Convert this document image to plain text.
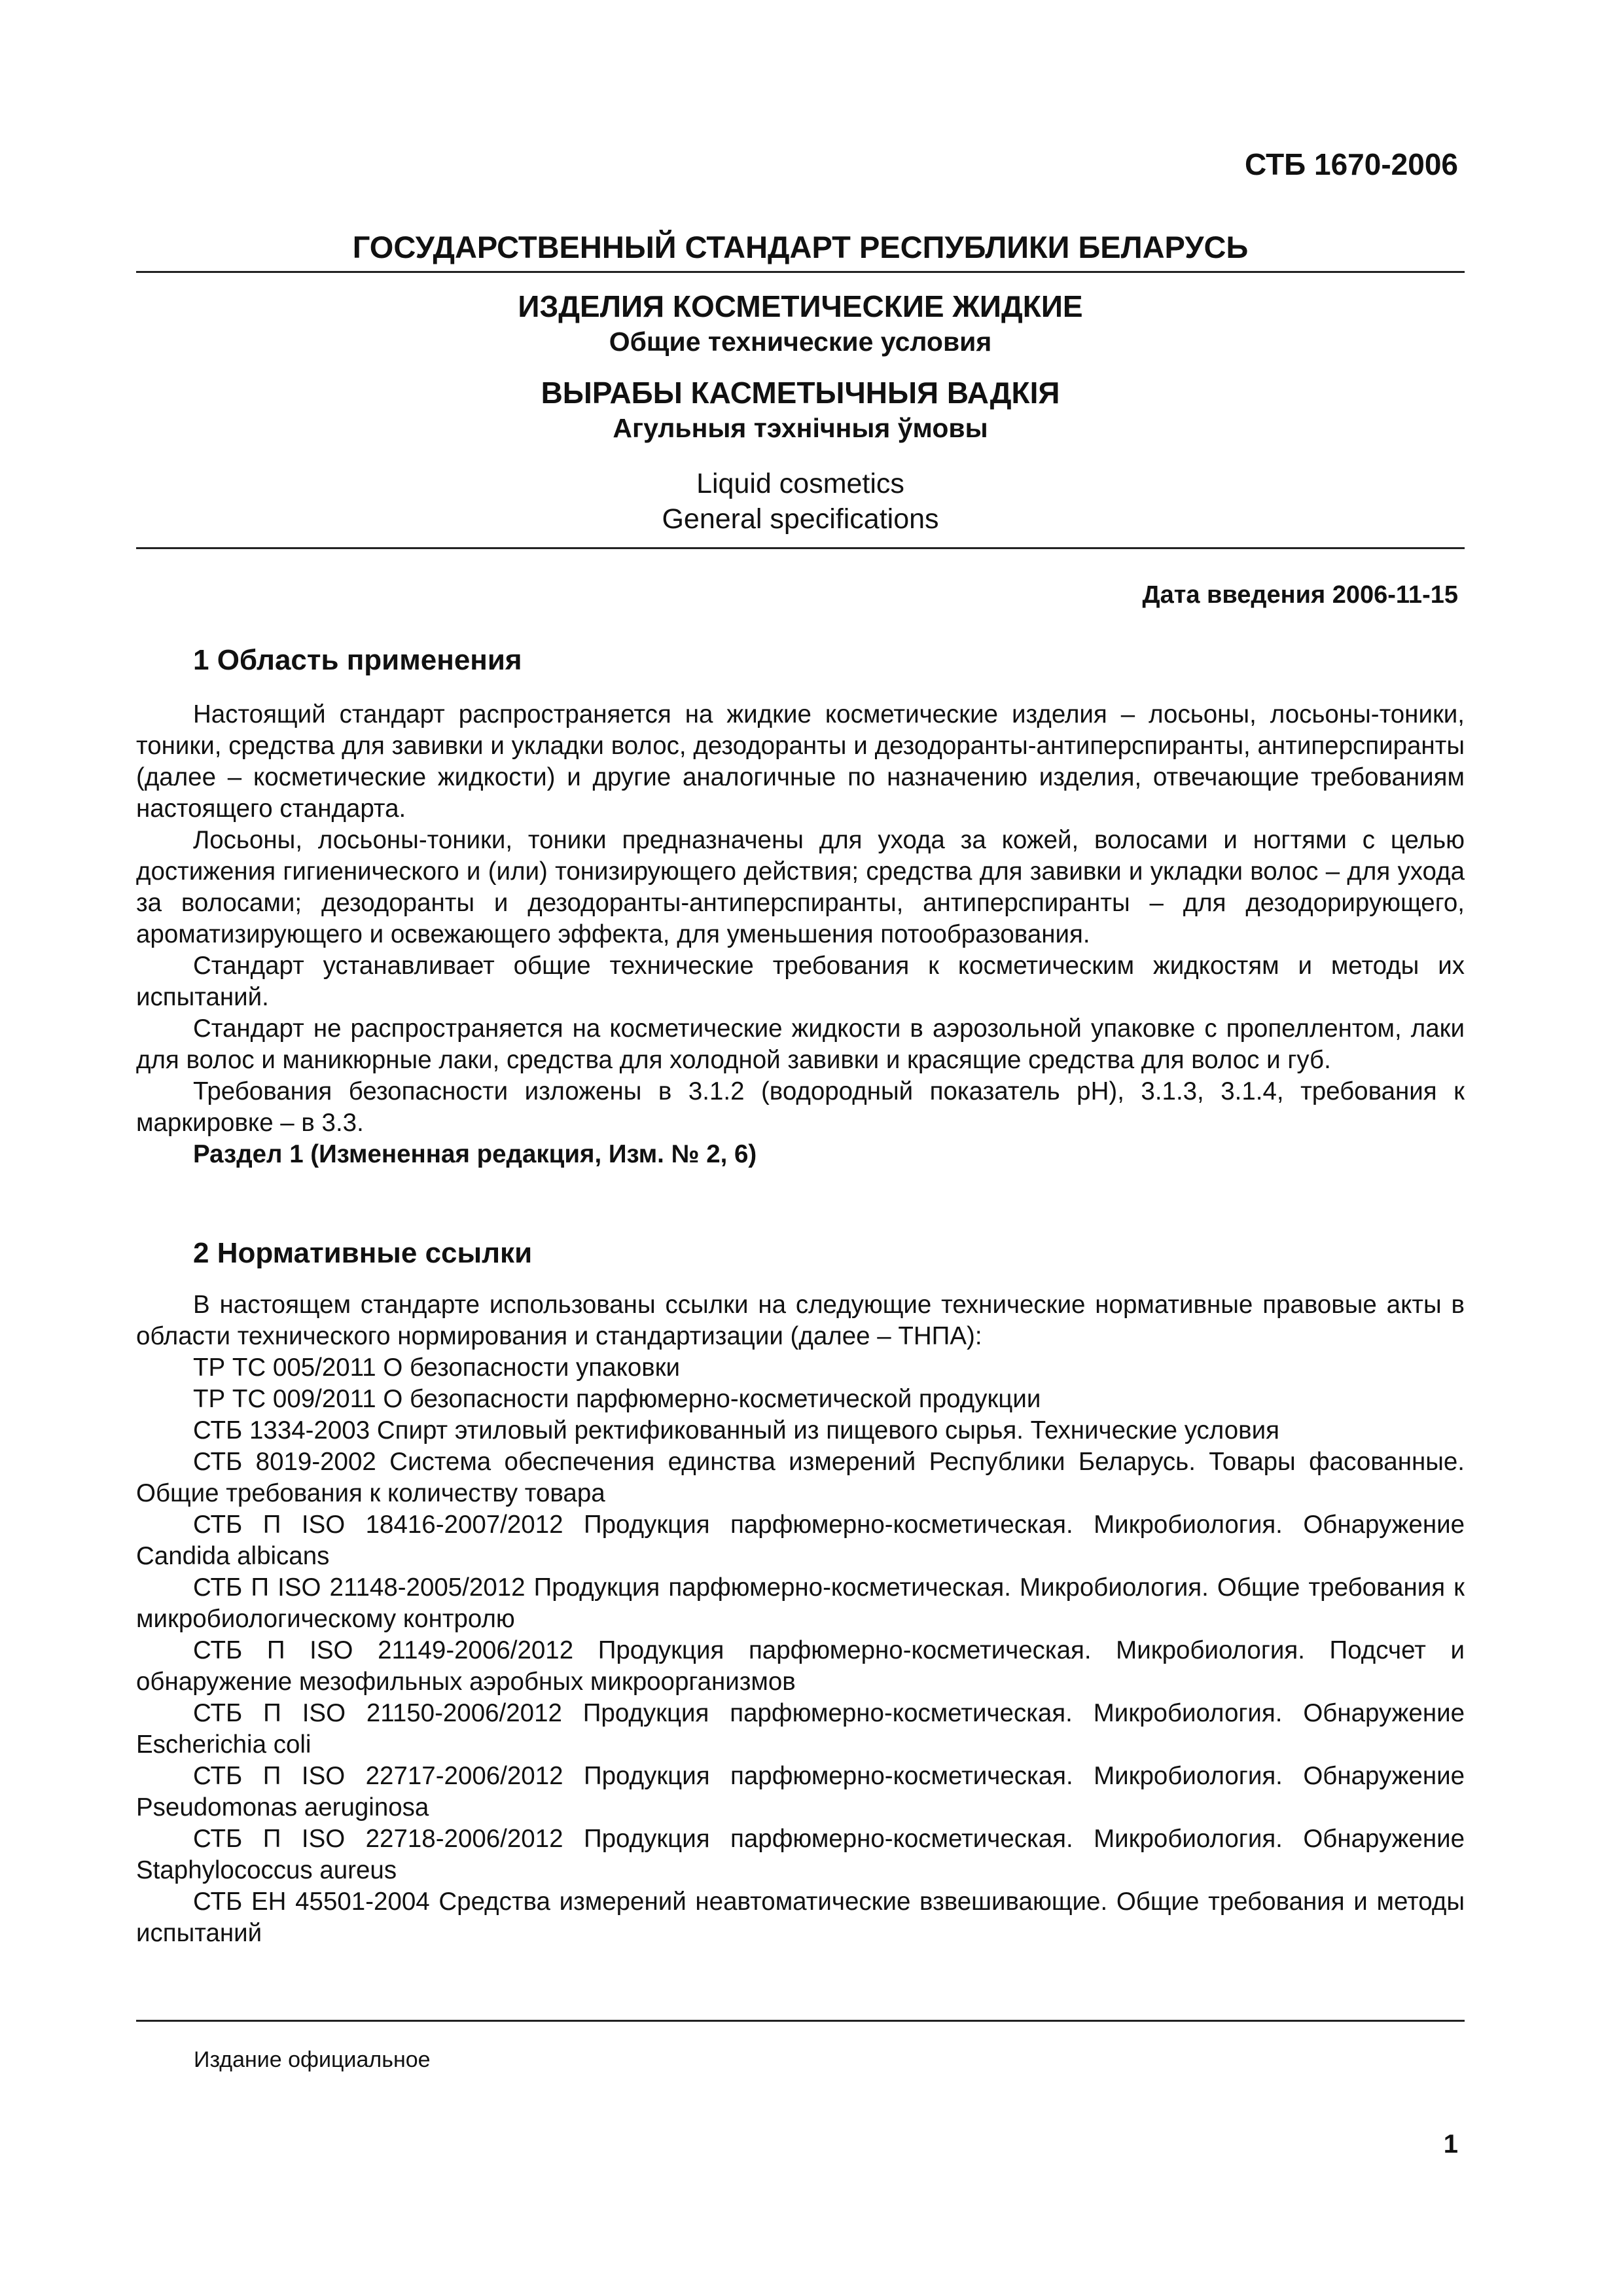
СТБ 1670-2006
ГОСУДАРСТВЕННЫЙ СТАНДАРТ РЕСПУБЛИКИ БЕЛАРУСЬ
ИЗДЕЛИЯ КОСМЕТИЧЕСКИЕ ЖИДКИЕ
Общие технические условия
ВЫРАБЫ КАСМЕТЫЧНЫЯ ВАДКІЯ
Агульныя тэхнічныя ўмовы
Liquid cosmetics
General specifications
Дата введения 2006-11-15
1 Область применения

Настоящий стандарт распространяется на жидкие косметические изделия – лосьоны, лосьоны-тоники, тоники, средства для завивки и укладки волос, дезодоранты и дезодоранты-антиперспиранты, антиперспиранты (далее – косметические жидкости) и другие аналогичные по назначению изделия, отвечающие требованиям настоящего стандарта.

Лосьоны, лосьоны-тоники, тоники предназначены для ухода за кожей, волосами и ногтями с целью достижения гигиенического и (или) тонизирующего действия; средства для завивки и укладки волос – для ухода за волосами; дезодоранты и дезодоранты-антиперспиранты, антиперспиранты – для дезодорирующего, ароматизирующего и освежающего эффекта, для уменьшения потообразования.

Стандарт устанавливает общие технические требования к косметическим жидкостям и методы их испытаний.

Стандарт не распространяется на косметические жидкости в аэрозольной упаковке с пропеллентом, лаки для волос и маникюрные лаки, средства для холодной завивки и красящие средства для волос и губ.

Требования безопасности изложены в 3.1.2 (водородный показатель pH), 3.1.3, 3.1.4, требования к маркировке – в 3.3.

Раздел 1 (Измененная редакция, Изм. № 2, 6)

2 Нормативные ссылки

В настоящем стандарте использованы ссылки на следующие технические нормативные правовые акты в области технического нормирования и стандартизации (далее – ТНПА):

ТР ТС 005/2011 О безопасности упаковки

ТР ТС 009/2011 О безопасности парфюмерно-косметической продукции

СТБ 1334-2003 Спирт этиловый ректификованный из пищевого сырья. Технические условия

СТБ 8019-2002 Система обеспечения единства измерений Республики Беларусь. Товары фасованные. Общие требования к количеству товара

СТБ П ISO 18416-2007/2012 Продукция парфюмерно-косметическая. Микробиология. Обнаружение Candida albicans

СТБ П ISO 21148-2005/2012 Продукция парфюмерно-косметическая. Микробиология. Общие требования к микробиологическому контролю

СТБ П ISO 21149-2006/2012 Продукция парфюмерно-косметическая. Микробиология. Подсчет и обнаружение мезофильных аэробных микроорганизмов

СТБ П ISO 21150-2006/2012 Продукция парфюмерно-косметическая. Микробиология. Обнаружение Escherichia coli

СТБ П ISO 22717-2006/2012 Продукция парфюмерно-косметическая. Микробиология. Обнаружение Pseudomonas aeruginosa

СТБ П ISO 22718-2006/2012 Продукция парфюмерно-косметическая. Микробиология. Обнаружение Staphylococcus aureus

СТБ ЕН 45501-2004 Средства измерений неавтоматические взвешивающие. Общие требования и методы испытаний

Издание официальное
1
